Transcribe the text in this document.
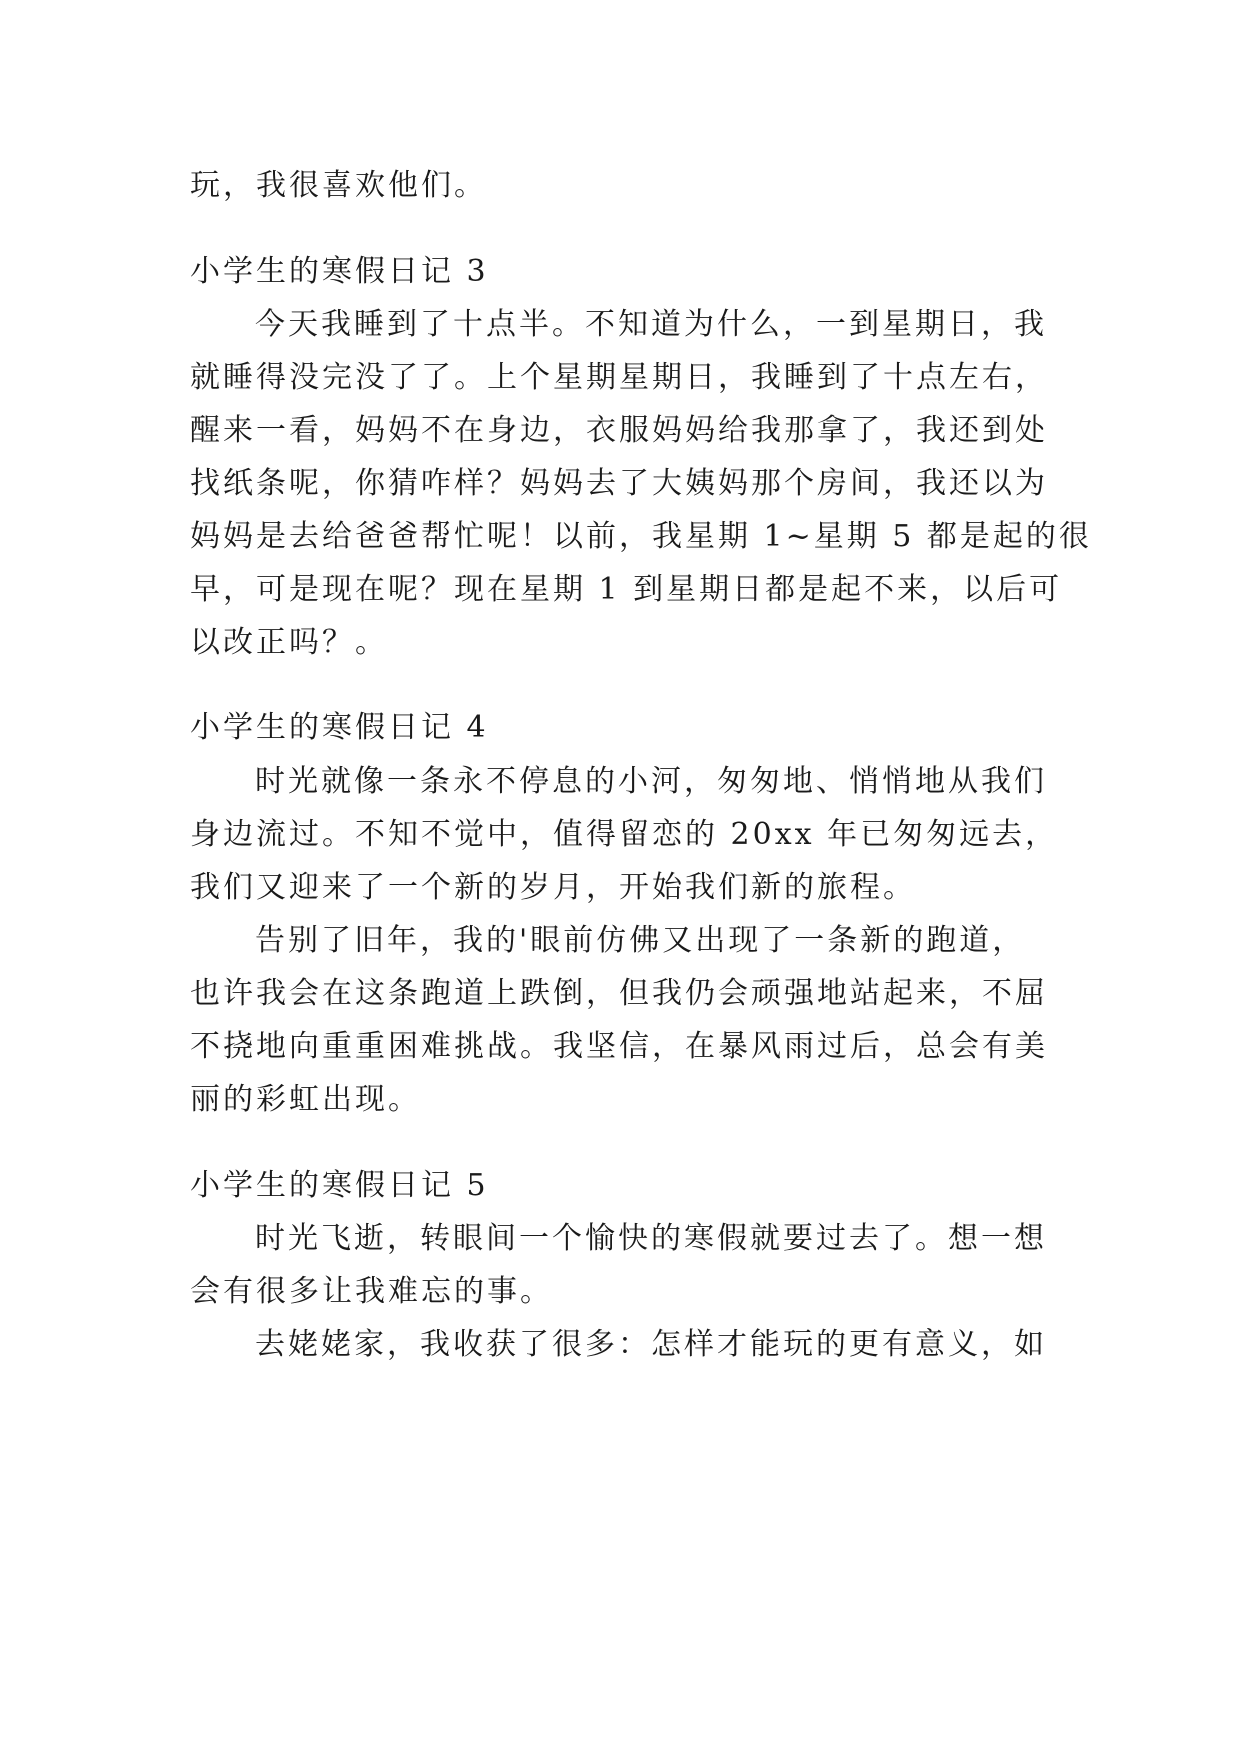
玩，我很喜欢他们。
小学生的寒假日记 3
今天我睡到了十点半。不知道为什么，一到星期日，我
就睡得没完没了了。上个星期星期日，我睡到了十点左右，
醒来一看，妈妈不在身边，衣服妈妈给我那拿了，我还到处
找纸条呢，你猜咋样？妈妈去了大姨妈那个房间，我还以为
妈妈是去给爸爸帮忙呢！以前，我星期 1~星期 5 都是起的很
早，可是现在呢？现在星期 1 到星期日都是起不来，以后可
以改正吗？。
小学生的寒假日记 4
时光就像一条永不停息的小河，匆匆地、悄悄地从我们
身边流过。不知不觉中，值得留恋的 20xx 年已匆匆远去，
我们又迎来了一个新的岁月，开始我们新的旅程。
告别了旧年，我的'眼前仿佛又出现了一条新的跑道，
也许我会在这条跑道上跌倒，但我仍会顽强地站起来，不屈
不挠地向重重困难挑战。我坚信，在暴风雨过后，总会有美
丽的彩虹出现。
小学生的寒假日记 5
时光飞逝，转眼间一个愉快的寒假就要过去了。想一想
会有很多让我难忘的事。
去姥姥家，我收获了很多：怎样才能玩的更有意义，如
